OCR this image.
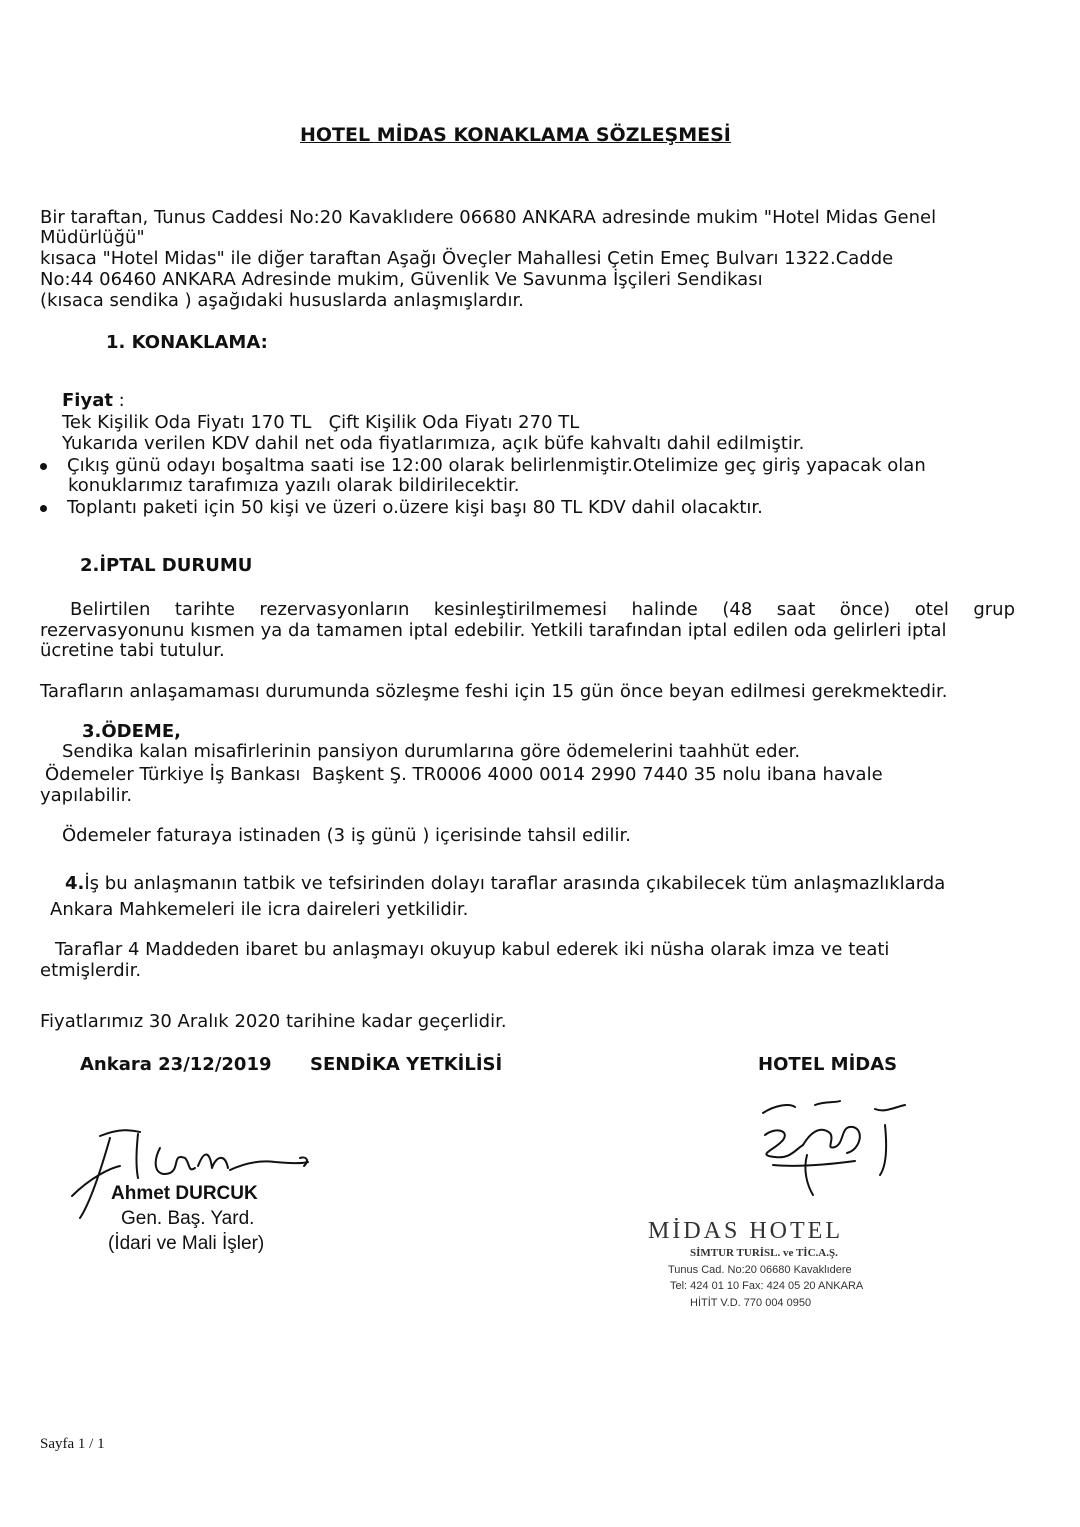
HOTEL MİDAS KONAKLAMA SÖZLEŞMESİ
Bir taraftan, Tunus Caddesi No:20 Kavaklıdere 06680 ANKARA adresinde mukim "Hotel Midas Genel
Müdürlüğü"
kısaca "Hotel Midas" ile diğer taraftan Aşağı Öveçler Mahallesi Çetin Emeç Bulvarı 1322.Cadde
No:44 06460 ANKARA Adresinde mukim, Güvenlik Ve Savunma İşçileri Sendikası
(kısaca sendika ) aşağıdaki hususlarda anlaşmışlardır.
1. KONAKLAMA:
Fiyat :
Tek Kişilik Oda Fiyatı 170 TL   Çift Kişilik Oda Fiyatı 270 TL
Yukarıda verilen KDV dahil net oda fiyatlarımıza, açık büfe kahvaltı dahil edilmiştir.
Çıkış günü odayı boşaltma saati ise 12:00 olarak belirlenmiştir.Otelimize geç giriş yapacak olan
konuklarımız tarafımıza yazılı olarak bildirilecektir.
Toplantı paketi için 50 kişi ve üzeri o.üzere kişi başı 80 TL KDV dahil olacaktır.
2.İPTAL DURUMU
Belirtilen tarihte rezervasyonların kesinleştirilmemesi halinde (48 saat önce) otel grup
rezervasyonunu kısmen ya da tamamen iptal edebilir. Yetkili tarafından iptal edilen oda gelirleri iptal
ücretine tabi tutulur.
Tarafların anlaşamaması durumunda sözleşme feshi için 15 gün önce beyan edilmesi gerekmektedir.
3.ÖDEME,
Sendika kalan misafirlerinin pansiyon durumlarına göre ödemelerini taahhüt eder.
Ödemeler Türkiye İş Bankası  Başkent Ş. TR0006 4000 0014 2990 7440 35 nolu ibana havale
yapılabilir.
Ödemeler faturaya istinaden (3 iş günü ) içerisinde tahsil edilir.
4.İş bu anlaşmanın tatbik ve tefsirinden dolayı taraflar arasında çıkabilecek tüm anlaşmazlıklarda
Ankara Mahkemeleri ile icra daireleri yetkilidir.
Taraflar 4 Maddeden ibaret bu anlaşmayı okuyup kabul ederek iki nüsha olarak imza ve teati
etmişlerdir.
Fiyatlarımız 30 Aralık 2020 tarihine kadar geçerlidir.
Ankara 23/12/2019 SENDİKA YETKİLİSİ	HOTEL MİDAS
Ahmet DURCUK
Gen. Baş. Yard.
(İdari ve Mali İşler)	MİDAS HOTEL
SİMTUR TURİSL. ve TİC.A.Ş.
Tunus Cad. No:20 06680 Kavaklıdere
Tel: 424 01 10 Fax: 424 05 20 ANKARA
HİTİT V.D. 770 004 0950
Sayfa 1 / 1
